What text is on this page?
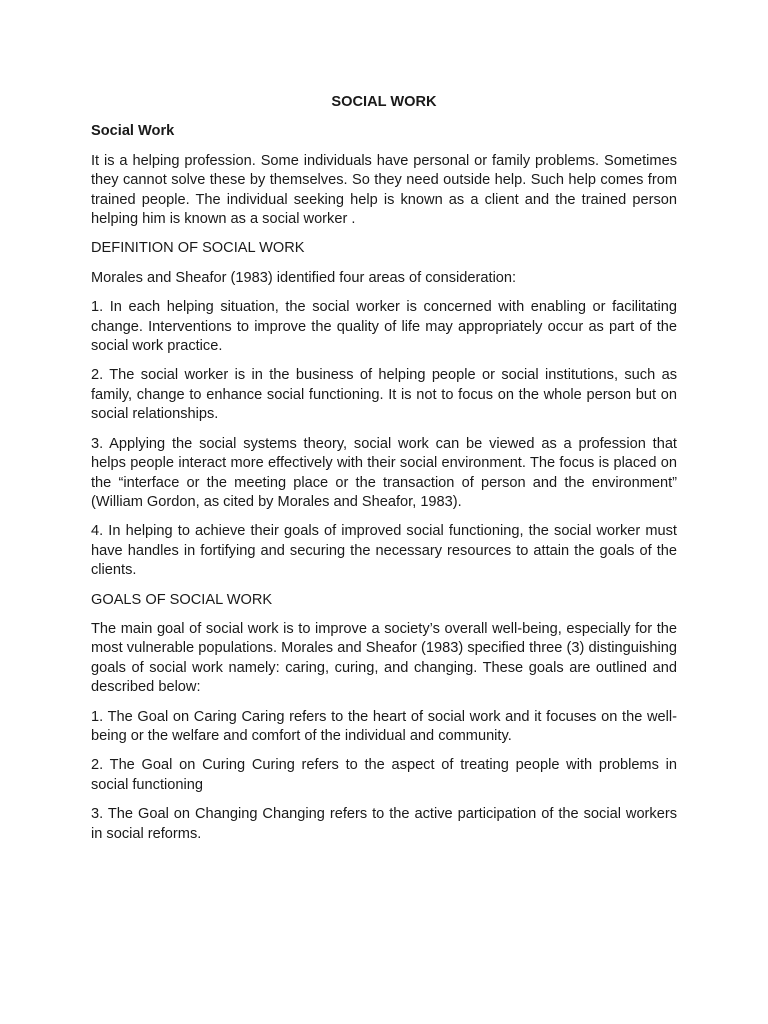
SOCIAL WORK
Social Work

It is a helping profession. Some individuals have personal or family problems. Sometimes they cannot solve these by themselves. So they need outside help. Such help comes from trained people. The individual seeking help is known as a client and the trained person helping him is known as a social worker .

DEFINITION OF SOCIAL WORK

Morales and Sheafor (1983) identified four areas of consideration:

1. In each helping situation, the social worker is concerned with enabling or facilitating change. Interventions to improve the quality of life may appropriately occur as part of the social work practice.

2. The social worker is in the business of helping people or social institutions, such as family, change to enhance social functioning. It is not to focus on the whole person but on social relationships.

3. Applying the social systems theory, social work can be viewed as a profession that helps people interact more effectively with their social environment. The focus is placed on the “interface or the meeting place or the transaction of person and the environment” (William Gordon, as cited by Morales and Sheafor, 1983).

4. In helping to achieve their goals of improved social functioning, the social worker must have handles in fortifying and securing the necessary resources to attain the goals of the clients.

GOALS OF SOCIAL WORK

The main goal of social work is to improve a society’s overall well-being, especially for the most vulnerable populations. Morales and Sheafor (1983) specified three (3) distinguishing goals of social work namely: caring, curing, and changing. These goals are outlined and described below:

1. The Goal on Caring Caring refers to the heart of social work and it focuses on the well-being or the welfare and comfort of the individual and community.

2. The Goal on Curing Curing refers to the aspect of treating people with problems in social functioning

3. The Goal on Changing Changing refers to the active participation of the social workers in social reforms.
